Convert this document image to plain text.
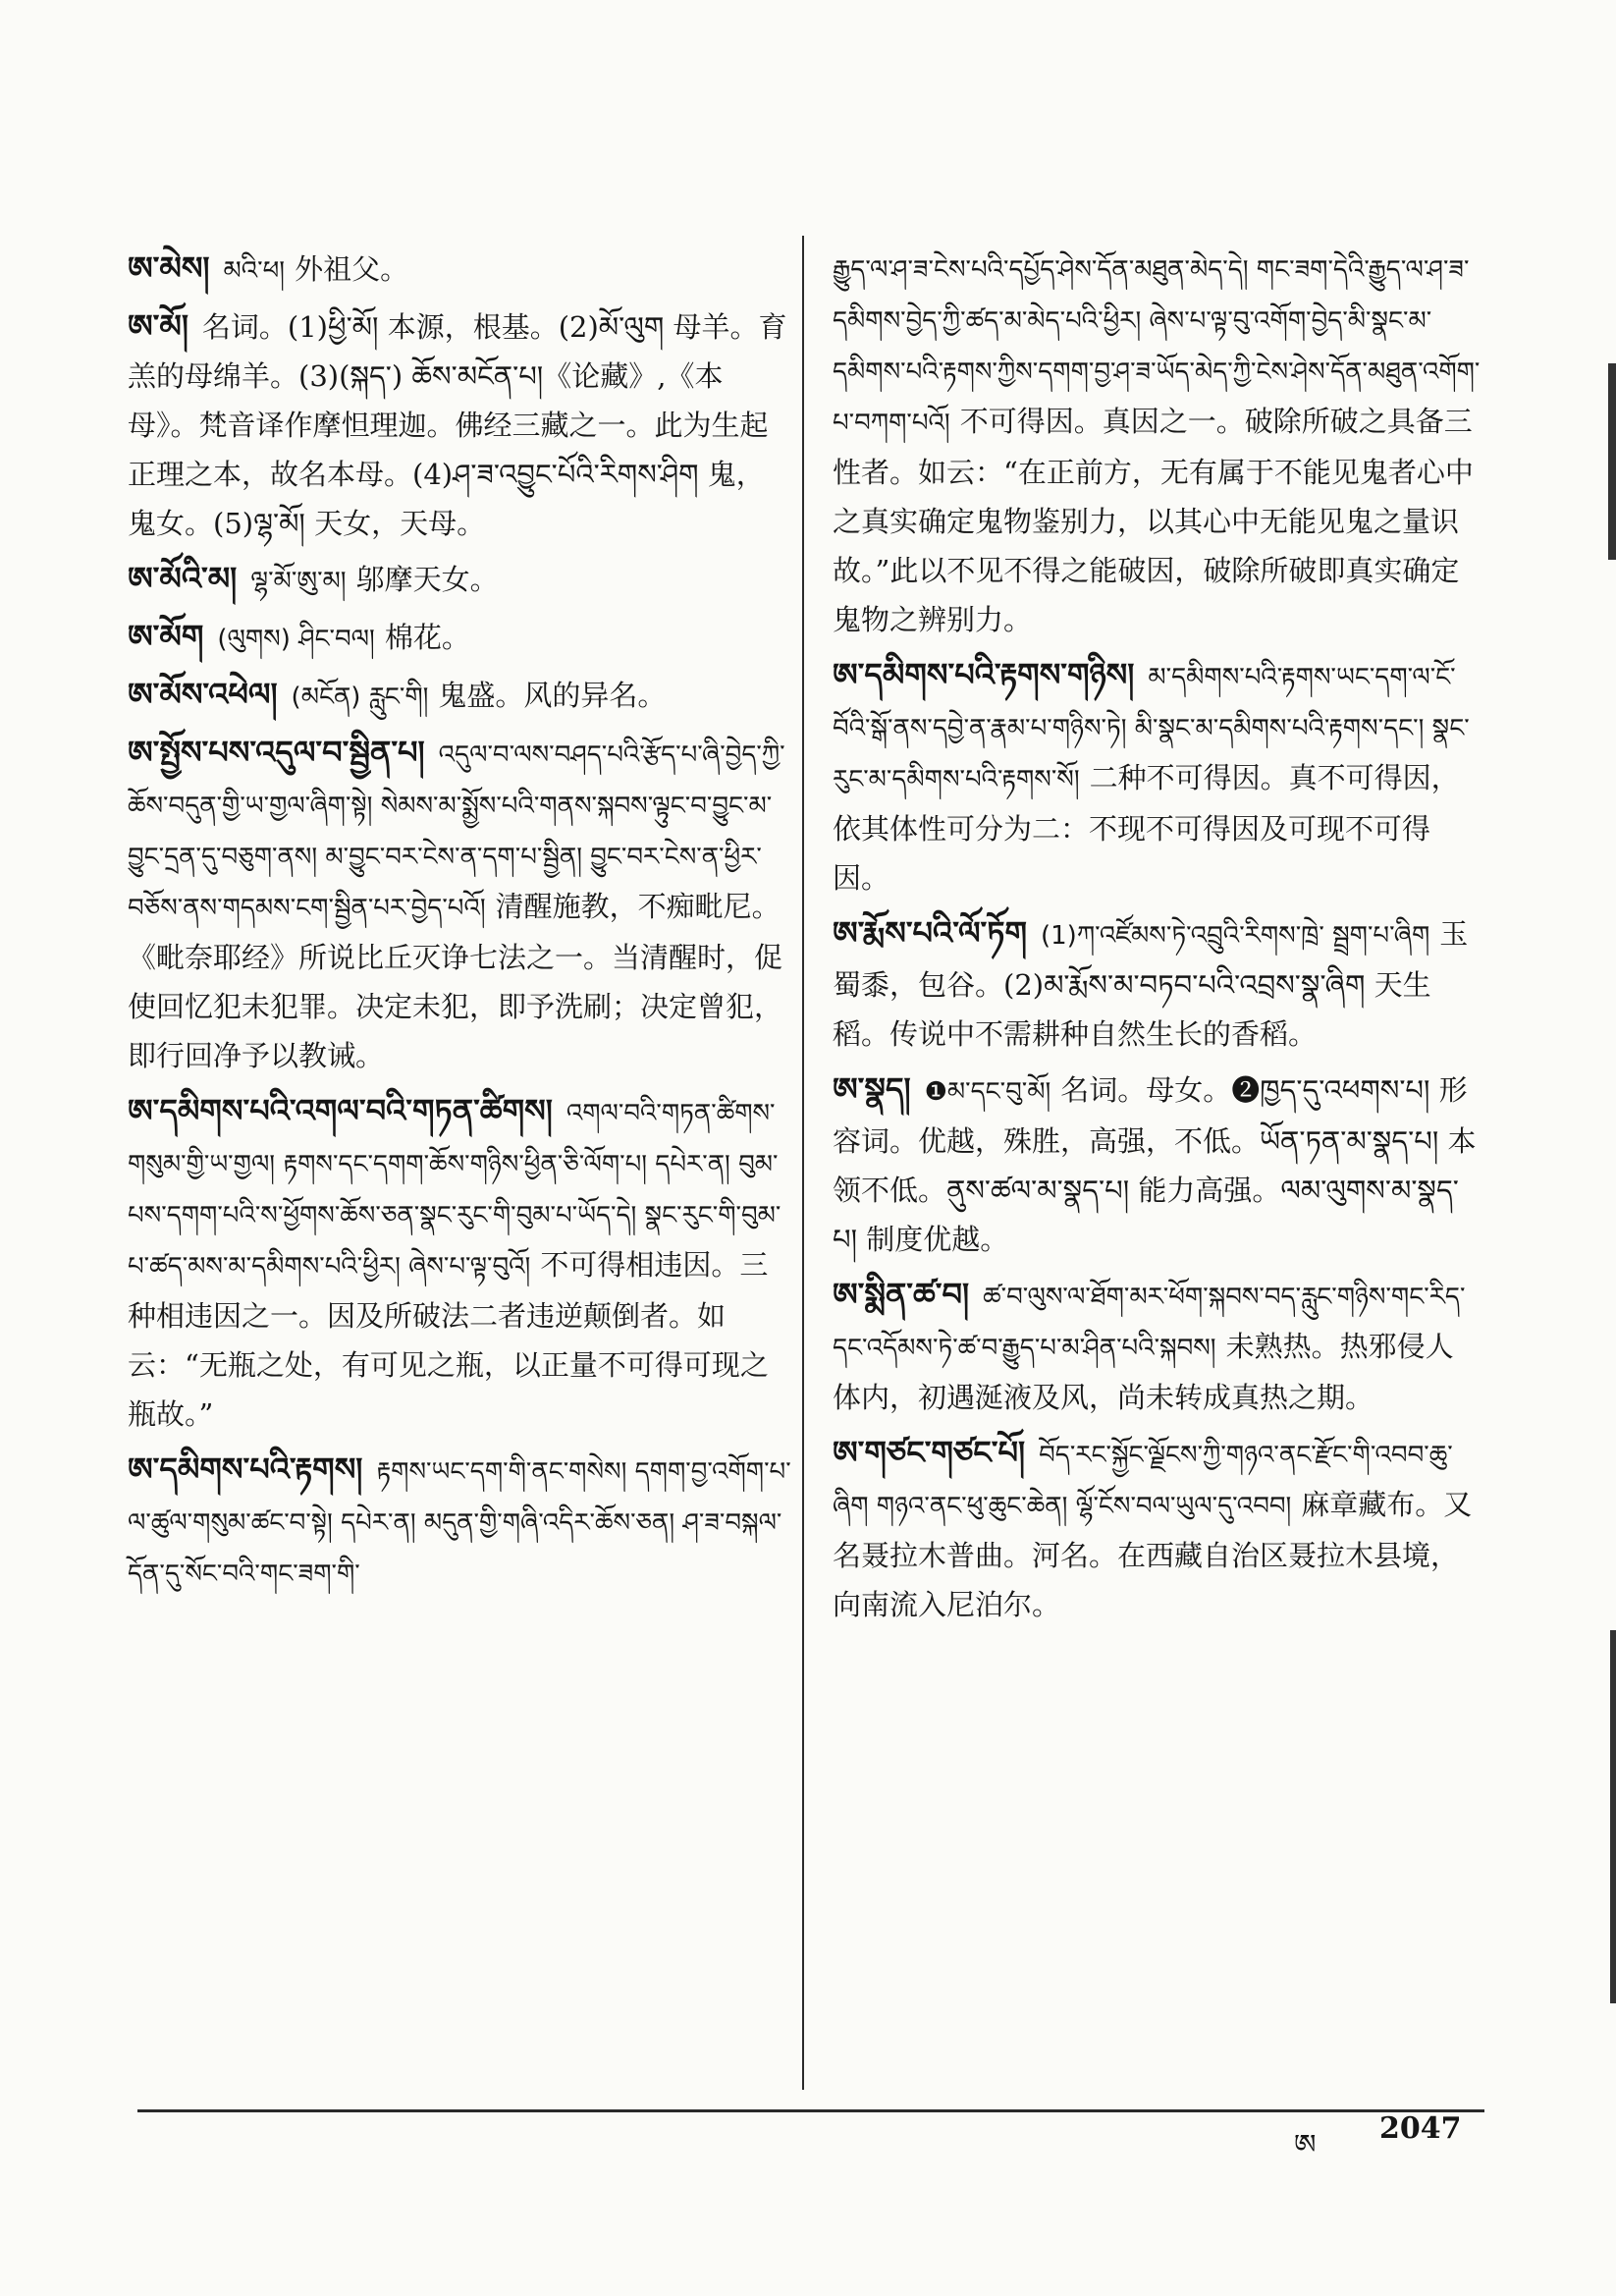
ཨ་མེས། མའི་ཕ། 外祖父。
ཨ་མོ། 名词。(1)ཕྱི་མོ། 本源，根基。(2)མོ་ལུག 母羊。育羔的母绵羊。(3)(སྐད་) ཆོས་མངོན་པ།《论藏》,《本母》。梵音译作摩怛理迦。佛经三藏之一。此为生起正理之本，故名本母。(4)ཤ་ཟ་འབྱུང་པོའི་རིགས་ཤིག 鬼，鬼女。(5)ལྷ་མོ། 天女，天母。
ཨ་མོའི་མ། ལྷ་མོ་ཨུ་མ། 邬摩天女。
ཨ་མོག (ལུགས) ཤིང་བལ། 棉花。
ཨ་མོས་འཕེལ། (མངོན) རླུང་གི། 鬼盛。风的异名。
ཨ་སྤྱོས་པས་འདུལ་བ་སྦྱིན་པ། འདུལ་བ་ལས་བཤད་པའི་རྩོད་པ་ཞི་བྱེད་ཀྱི་ཆོས་བདུན་གྱི་ཡ་གྱལ་ཞིག་སྟེ། སེམས་མ་སྨྱོས་པའི་གནས་སྐབས་ལྟུང་བ་བྱུང་མ་བྱུང་དྲན་དུ་བཅུག་ནས། མ་བྱུང་བར་ངེས་ན་དག་པ་སྦྱིན། བྱུང་བར་ངེས་ན་ཕྱིར་བཅོས་ནས་གདམས་ངག་སྦྱིན་པར་བྱེད་པའོ། 清醒施教，不痴毗尼。《毗奈耶经》所说比丘灭诤七法之一。当清醒时，促使回忆犯未犯罪。决定未犯，即予洗刷；决定曾犯，即行回净予以教诫。
ཨ་དམིགས་པའི་འགལ་བའི་གཏན་ཚིགས། འགལ་བའི་གཏན་ཚིགས་གསུམ་གྱི་ཡ་གྱལ། རྟགས་དང་དགག་ཆོས་གཉིས་ཕྱིན་ཅི་ལོག་པ། དཔེར་ན། བུམ་པས་དགག་པའི་ས་ཕྱོགས་ཆོས་ཅན་སྣང་རུང་གི་བུམ་པ་ཡོད་དེ། སྣང་རུང་གི་བུམ་པ་ཚད་མས་མ་དམིགས་པའི་ཕྱིར། ཞེས་པ་ལྟ་བུའོ། 不可得相违因。三种相违因之一。因及所破法二者违逆颠倒者。如云：“无瓶之处，有可见之瓶，以正量不可得可现之瓶故。”
ཨ་དམིགས་པའི་རྟགས། རྟགས་ཡང་དག་གི་ནང་གསེས། དགག་བྱ་འགོག་པ་ལ་ཚུལ་གསུམ་ཚང་བ་སྟེ། དཔེར་ན། མདུན་གྱི་གཞི་འདིར་ཆོས་ཅན། ཤ་ཟ་བསྐལ་དོན་དུ་སོང་བའི་གང་ཟག་གི་
རྒྱུད་ལ་ཤ་ཟ་ངེས་པའི་དཔྱོད་ཤེས་དོན་མཐུན་མེད་དེ། གང་ཟག་དེའི་རྒྱུད་ལ་ཤ་ཟ་དམིགས་བྱེད་ཀྱི་ཚད་མ་མེད་པའི་ཕྱིར། ཞེས་པ་ལྟ་བུ་འགོག་བྱེད་མི་སྣང་མ་དམིགས་པའི་རྟགས་ཀྱིས་དགག་བྱ་ཤ་ཟ་ཡོད་མེད་ཀྱི་ངེས་ཤེས་དོན་མཐུན་འགོག་པ་བཀག་པའོ། 不可得因。真因之一。破除所破之具备三性者。如云：“在正前方，无有属于不能见鬼者心中之真实确定鬼物鉴别力，以其心中无能见鬼之量识故。”此以不见不得之能破因，破除所破即真实确定鬼物之辨别力。
ཨ་དམིགས་པའི་རྟགས་གཉིས། མ་དམིགས་པའི་རྟགས་ཡང་དག་ལ་ངོ་བོའི་སྒོ་ནས་དབྱེ་ན་རྣམ་པ་གཉིས་ཏེ། མི་སྣང་མ་དམིགས་པའི་རྟགས་དང་། སྣང་རུང་མ་དམིགས་པའི་རྟགས་སོ། 二种不可得因。真不可得因，依其体性可分为二：不现不可得因及可现不可得因。
ཨ་རྨོས་པའི་ལོ་ཏོག (1)ཀ་འཛོམས་ཏེ་འབྲུའི་རིགས་ཁྲེ་ སྦྲག་པ་ཞིག 玉蜀黍，包谷。(2)མ་རྨོས་མ་བཏབ་པའི་འབྲས་སྣ་ཞིག 天生稻。传说中不需耕种自然生长的香稻。
ཨ་སྣད། ❶མ་དང་བུ་མོ། 名词。母女。❷ཁྱད་དུ་འཕགས་པ། 形容词。优越，殊胜，高强，不低。ཡོན་ཏན་མ་སྣད་པ། 本领不低。ནུས་ཚལ་མ་སྣད་པ། 能力高强。ལམ་ལུགས་མ་སྣད་པ། 制度优越。
ཨ་སྨིན་ཚ་བ། ཚ་བ་ལུས་ལ་ཐོག་མར་ཕོག་སྐབས་བད་རླུང་གཉིས་གང་རིད་དང་འདོམས་ཏེ་ཚ་བ་རྒྱུད་པ་མ་ཤིན་པའི་སྐབས། 未熟热。热邪侵人体内，初遇涎液及风，尚未转成真热之期。
ཨ་གཙང་གཙང་པོ། བོད་རང་སྐྱོང་ལྗོངས་ཀྱི་གཉའ་ནང་རྫོང་གི་འབབ་ཆུ་ཞིག གཉའ་ནང་ཕུ་ཆུང་ཆེན། ལྷོ་ངོས་བལ་ཡུལ་དུ་འབབ། 麻章藏布。又名聂拉木普曲。河名。在西藏自治区聂拉木县境，向南流入尼泊尔。
ཨ 2047
